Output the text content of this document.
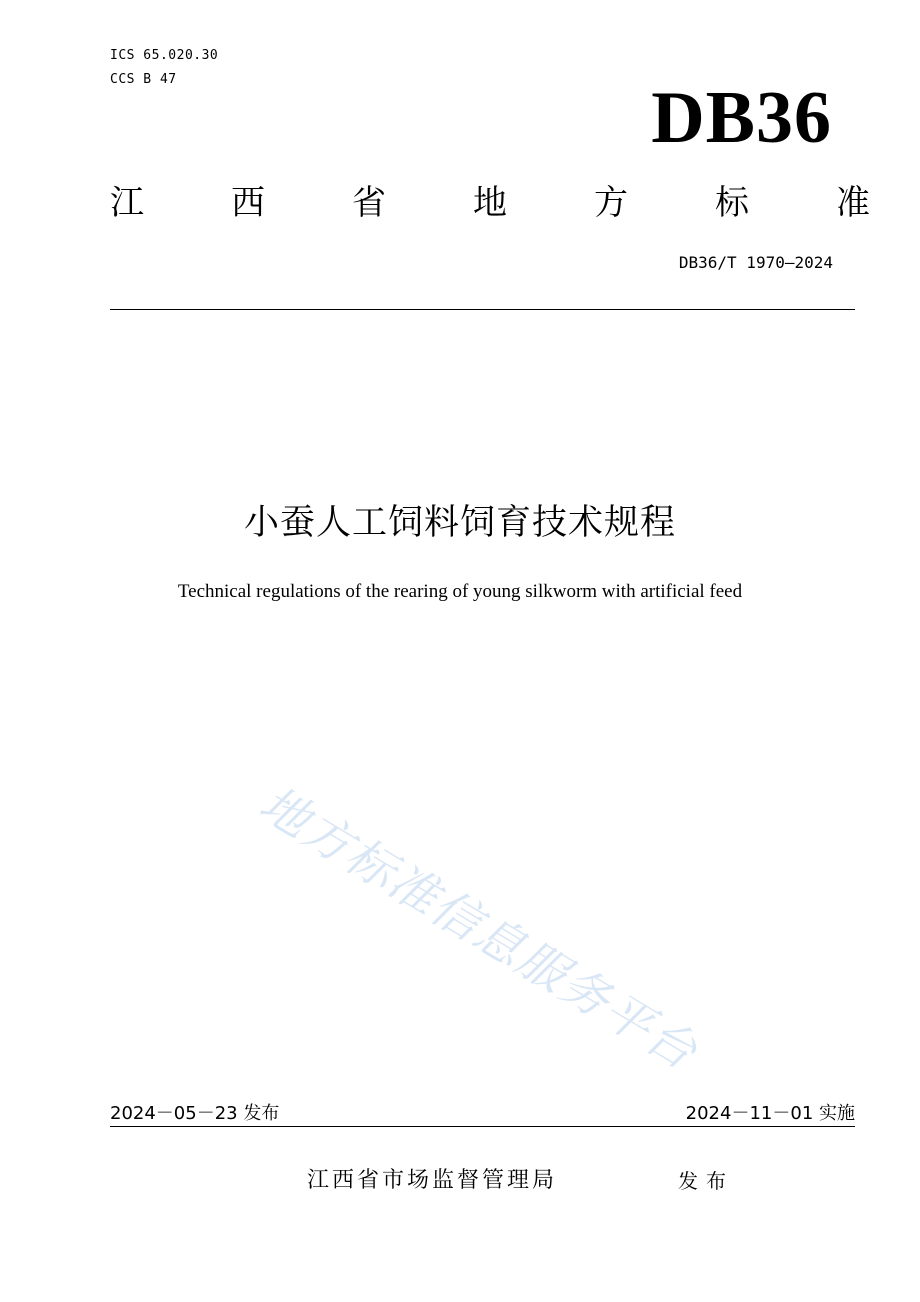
ICS 65.020.30
CCS B 47	DB36
江	西	省	地	方	标	准
DB36/T 1970—2024
小蚕人工饲料饲育技术规程
Technical regulations of the rearing of young silkworm with artificial feed
地方标准信息服务平台
2024－05－23 发布	2024－11－01 实施
江西省市场监督管理局	发布
